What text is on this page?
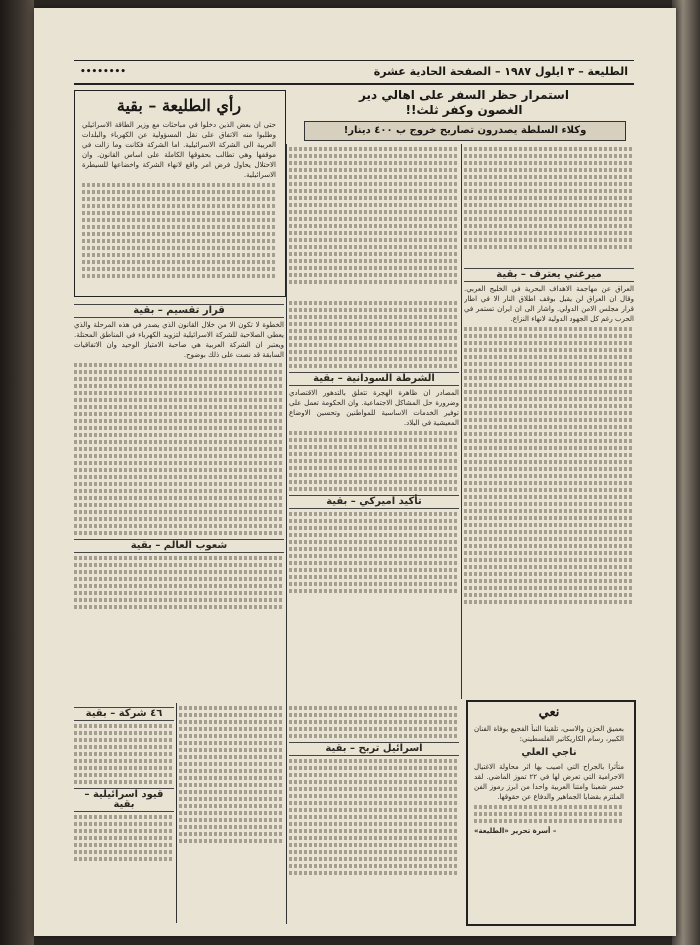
الطليعة – ٣ ايلول ١٩٨٧ – الصفحة الحادية عشرة
••••••••
استمرار حظر السفر على اهالي دير
الغصون وكفر ثلث!!
وكلاء السلطة يصدرون تصاريح خروج ب ٤٠٠ دينار!
رأي الطليعة – بقية
حتى ان بعض الذين دخلوا في مباحثات مع وزير الطاقة الاسرائيلي وطلبوا منه الاتفاق على نقل المسؤولية عن الكهرباء والبلدات العربية الى الشركة الاسرائيلية. اما الشركة فكانت وما زالت في موقفها وهي تطالب بحقوقها الكاملة على اساس القانون. وان الاحتلال يحاول فرض امر واقع لانهاء الشركة واخضاعها للسيطرة الاسرائيلية.
ميرغني يعترف – بقية
العراق عن مهاجمة الاهداف البحرية في الخليج العربي. وقال ان العراق لن يقبل بوقف اطلاق النار الا في اطار قرار مجلس الامن الدولي. واشار الى ان ايران تستمر في الحرب رغم كل الجهود الدولية لانهاء النزاع.
الشرطة السودانية – بقية
المصادر ان ظاهرة الهجرة تتعلق بالتدهور الاقتصادي وضرورة حل المشاكل الاجتماعية. وان الحكومة تعمل على توفير الخدمات الاساسية للمواطنين وتحسين الاوضاع المعيشية في البلاد.
تأكيد اميركي – بقية
قرار تقسيم – بقية
الخطوة لا تكون الا من خلال القانون الذي يصدر في هذه المرحلة والذي يعطي الصلاحية للشركة الاسرائيلية لتزويد الكهرباء في المناطق المحتلة. ويعتبر ان الشركة العربية هي صاحبة الامتياز الوحيد وان الاتفاقيات السابقة قد نصت على ذلك بوضوح.
شعوب العالم – بقية
٤٦ شركة – بقية
قيود اسرائيلية – بقية
اسرائيل تربح – بقية
نعي
بعميق الحزن والاسى، تلقينا النبأ الفجيع بوفاة الفنان الكبير، رسام الكاريكاتير الفلسطيني:
ناجي العلي
متأثرا بالجراح التي اصيب بها اثر محاولة الاغتيال الاجرامية التي تعرض لها في ٢٢ تموز الماضي. لقد خسر شعبنا وامتنا العربية واحدا من ابرز رموز الفن الملتزم بقضايا الجماهير والدفاع عن حقوقها.
– أسرة تحرير «الطليعة»
